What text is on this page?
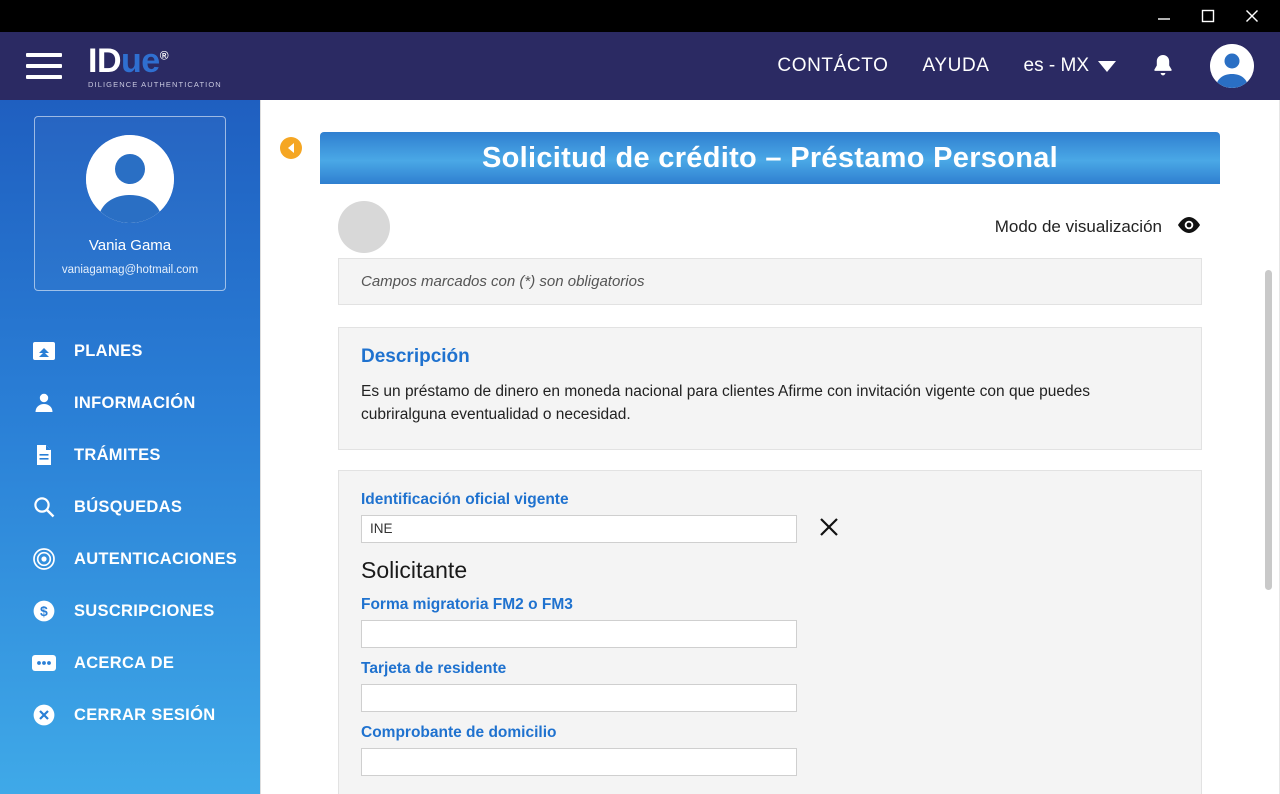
IDue®
DILIGENCE AUTHENTICATION
CONTÁCTO AYUDA es - MX
Vania Gama
vaniagamag@hotmail.com
PLANES
INFORMACIÓN
TRÁMITES
BÚSQUEDAS
AUTENTICACIONES
$ SUSCRIPCIONES
ACERCA DE
CERRAR SESIÓN
Solicitud de crédito – Préstamo Personal
Modo de visualización
Campos marcados con (*) son obligatorios
Descripción
Es un préstamo de dinero en moneda nacional para clientes Afirme con invitación vigente con que puedes cubriralguna eventualidad o necesidad.
Identificación oficial vigente
INE
Solicitante
Forma migratoria FM2 o FM3
Tarjeta de residente
Comprobante de domicilio
